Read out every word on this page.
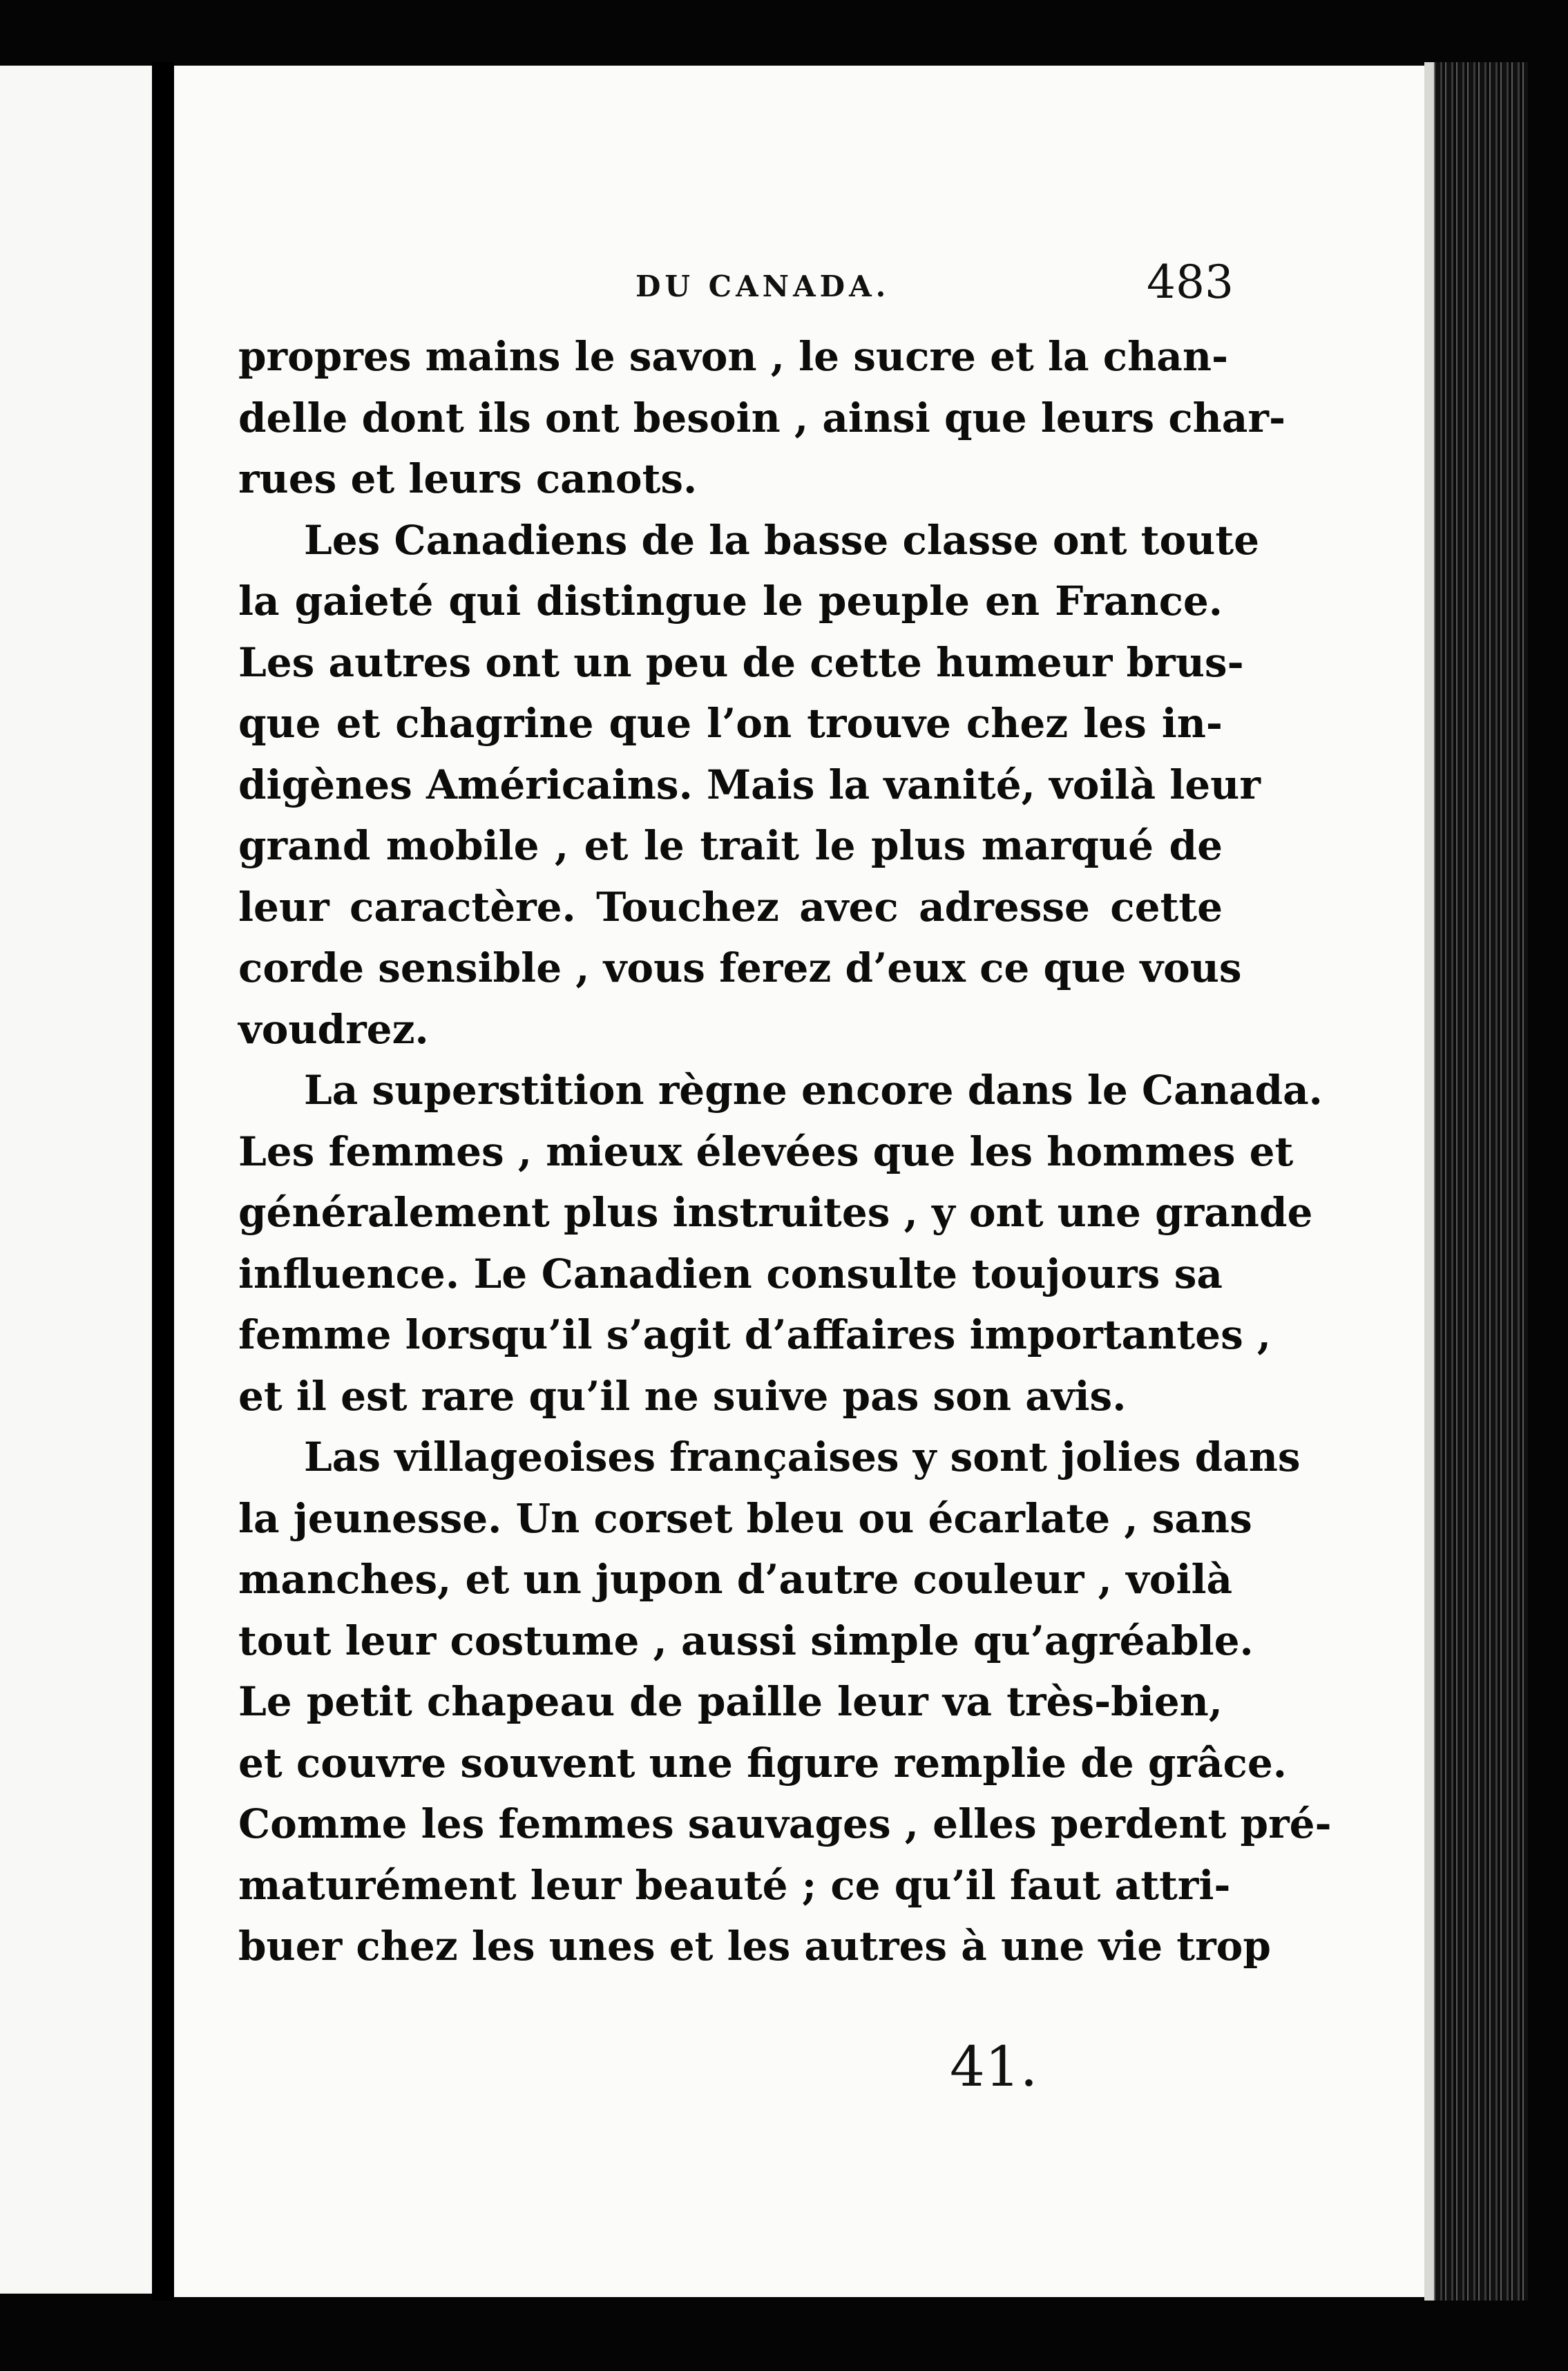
DU CANADA.	483
propres mains le savon , le sucre et la chan-
delle dont ils ont besoin , ainsi que leurs char-
rues et leurs canots.
Les Canadiens de la basse classe ont toute
la gaieté qui distingue le peuple en France.
Les autres ont un peu de cette humeur brus-
que et chagrine que l’on trouve chez les in-
digènes Américains. Mais la vanité, voilà leur
grand mobile , et le trait le plus marqué de
leur caractère. Touchez avec adresse cette
corde sensible , vous ferez d’eux ce que vous
voudrez.
La superstition règne encore dans le Canada.
Les femmes , mieux élevées que les hommes et
généralement plus instruites , y ont une grande
influence. Le Canadien consulte toujours sa
femme lorsqu’il s’agit d’affaires importantes ,
et il est rare qu’il ne suive pas son avis.
Las villageoises françaises y sont jolies dans
la jeunesse. Un corset bleu ou écarlate , sans
manches, et un jupon d’autre couleur , voilà
tout leur costume , aussi simple qu’agréable.
Le petit chapeau de paille leur va très-bien,
et couvre souvent une figure remplie de grâce.
Comme les femmes sauvages , elles perdent pré-
maturément leur beauté ; ce qu’il faut attri-
buer chez les unes et les autres à une vie trop
41.
